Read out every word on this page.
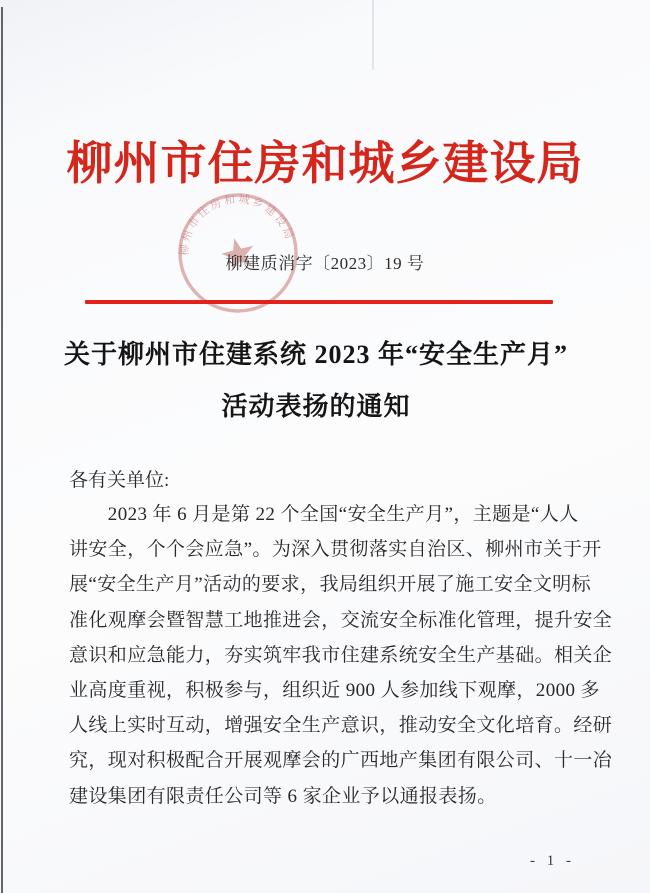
柳州市住房和城乡建设局
柳州市住房和城乡建设局
柳建质消字〔2023〕19 号
关于柳州市住建系统 2023 年“安全生产月”
活动表扬的通知
各有关单位:
　　2023 年 6 月是第 22 个全国“安全生产月”，主题是“人人
讲安全，个个会应急”。为深入贯彻落实自治区、柳州市关于开
展“安全生产月”活动的要求，我局组织开展了施工安全文明标
准化观摩会暨智慧工地推进会，交流安全标准化管理，提升安全
意识和应急能力，夯实筑牢我市住建系统安全生产基础。相关企
业高度重视，积极参与，组织近 900 人参加线下观摩，2000 多
人线上实时互动，增强安全生产意识，推动安全文化培育。经研
究，现对积极配合开展观摩会的广西地产集团有限公司、十一冶
建设集团有限责任公司等 6 家企业予以通报表扬。
- 1 -
